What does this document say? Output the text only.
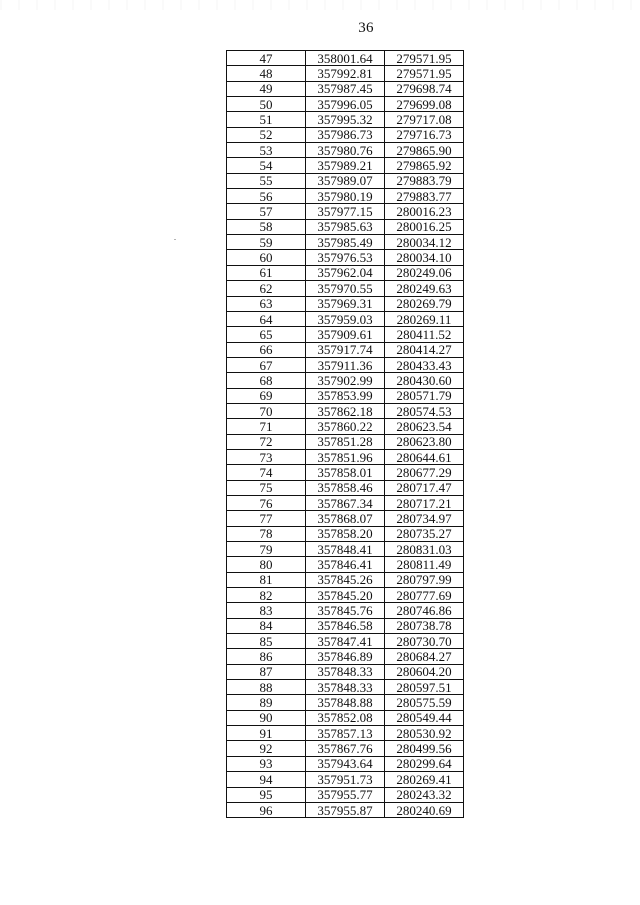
36
47	358001.64	279571.95
48	357992.81	279571.95
49	357987.45	279698.74
50	357996.05	279699.08
51	357995.32	279717.08
52	357986.73	279716.73
53	357980.76	279865.90
54	357989.21	279865.92
55	357989.07	279883.79
56	357980.19	279883.77
57	357977.15	280016.23
58	357985.63	280016.25
59	357985.49	280034.12
60	357976.53	280034.10
61	357962.04	280249.06
62	357970.55	280249.63
63	357969.31	280269.79
64	357959.03	280269.11
65	357909.61	280411.52
66	357917.74	280414.27
67	357911.36	280433.43
68	357902.99	280430.60
69	357853.99	280571.79
70	357862.18	280574.53
71	357860.22	280623.54
72	357851.28	280623.80
73	357851.96	280644.61
74	357858.01	280677.29
75	357858.46	280717.47
76	357867.34	280717.21
77	357868.07	280734.97
78	357858.20	280735.27
79	357848.41	280831.03
80	357846.41	280811.49
81	357845.26	280797.99
82	357845.20	280777.69
83	357845.76	280746.86
84	357846.58	280738.78
85	357847.41	280730.70
86	357846.89	280684.27
87	357848.33	280604.20
88	357848.33	280597.51
89	357848.88	280575.59
90	357852.08	280549.44
91	357857.13	280530.92
92	357867.76	280499.56
93	357943.64	280299.64
94	357951.73	280269.41
95	357955.77	280243.32
96	357955.87	280240.69
